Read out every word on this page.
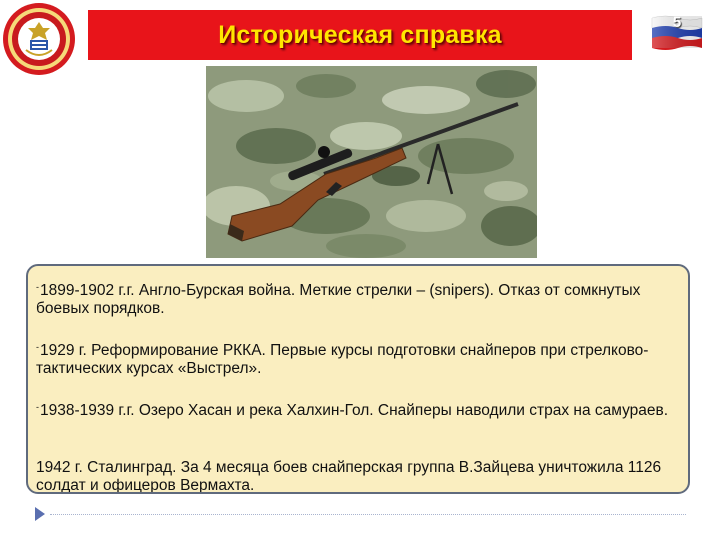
Историческая справка	5
-1899-1902 г.г. Англо-Бурская война. Меткие стрелки – (snipers). Отказ от сомкнутых боевых порядков.
-1929 г. Реформирование РККА. Первые курсы подготовки снайперов при стрелково-тактических курсах «Выстрел».
-1938-1939 г.г. Озеро Хасан и река Халхин-Гол. Снайперы наводили страх на самураев.
1942 г. Сталинград. За 4 месяца боев снайперская группа В.Зайцева уничтожила 1126 солдат и офицеров Вермахта.
